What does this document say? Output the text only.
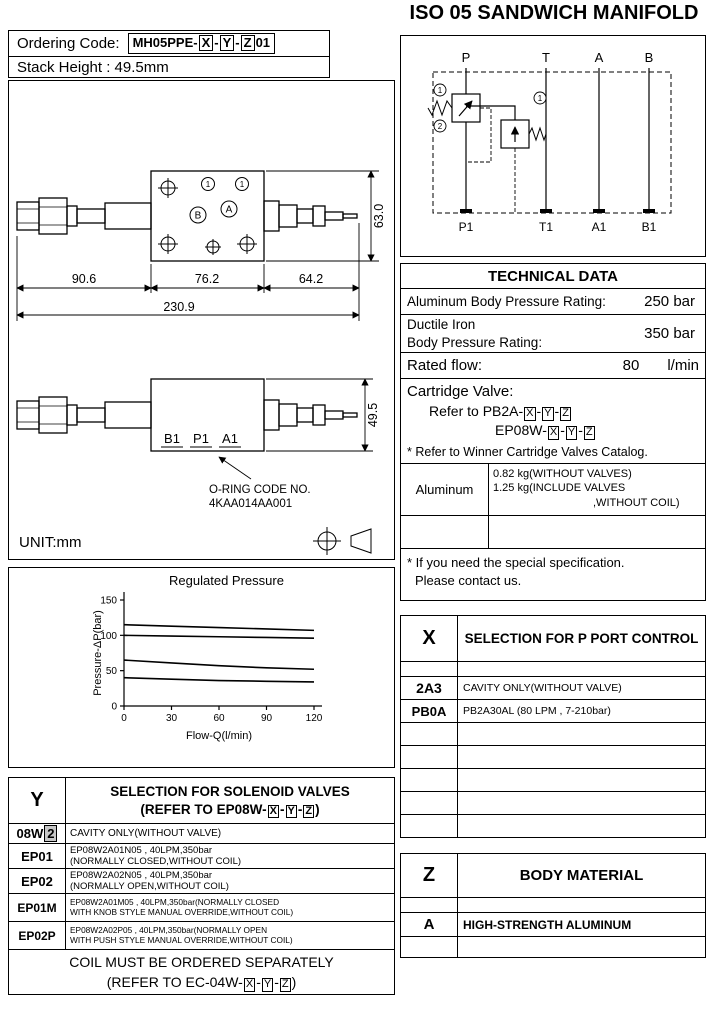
ISO 05 SANDWICH MANIFOLD
Ordering Code:	MH05PPE- X - Y - Z 01
Stack Height : 49.5mm
P	T	A	B
1
2
1
P1	T1	A1	B1
1	1
B
A
90.6	76.2	64.2
230.9
63.0
B1 P1 A1
49.5
O-RING CODE NO.
4KAA014AA001
UNIT:mm
Regulated Pressure
0
50
100
150
0	30	60	90	120
Flow-Q(l/min)
Pressure-ΔP(bar)
TECHNICAL DATA
Aluminum Body Pressure Rating:	250 bar
Ductile Iron
Body Pressure Rating:	350 bar
Rated flow:	80	l/min
Cartridge Valve:
Refer to PB2A- X - Y - Z
EP08W- X - Y - Z
* Refer to Winner Cartridge Valves Catalog.
Aluminum
0.82 kg(WITHOUT VALVES)
1.25 kg(INCLUDE VALVES
,WITHOUT COIL)
* If you need the special specification.
Please contact us.
X	SELECTION FOR P PORT CONTROL
2A3	CAVITY ONLY(WITHOUT VALVE)
PB0A	PB2A30AL (80 LPM , 7-210bar)
Z	BODY MATERIAL
A	HIGH-STRENGTH ALUMINUM
Y	SELECTION FOR SOLENOID VALVES
(REFER TO EP08W- X - Y - Z )
08W 2	CAVITY ONLY(WITHOUT VALVE)
EP01	EP08W2A01N05 , 40LPM,350bar
(NORMALLY CLOSED,WITHOUT COIL)
EP02	EP08W2A02N05 , 40LPM,350bar
(NORMALLY OPEN,WITHOUT COIL)
EP01M	EP08W2A01M05 , 40LPM,350bar(NORMALLY CLOSED
WITH KNOB STYLE MANUAL OVERRIDE,WITHOUT COIL)
EP02P	EP08W2A02P05 , 40LPM,350bar(NORMALLY OPEN
WITH PUSH STYLE MANUAL OVERRIDE,WITHOUT COIL)
COIL MUST BE ORDERED SEPARATELY
(REFER TO EC-04W- X - Y - Z )
